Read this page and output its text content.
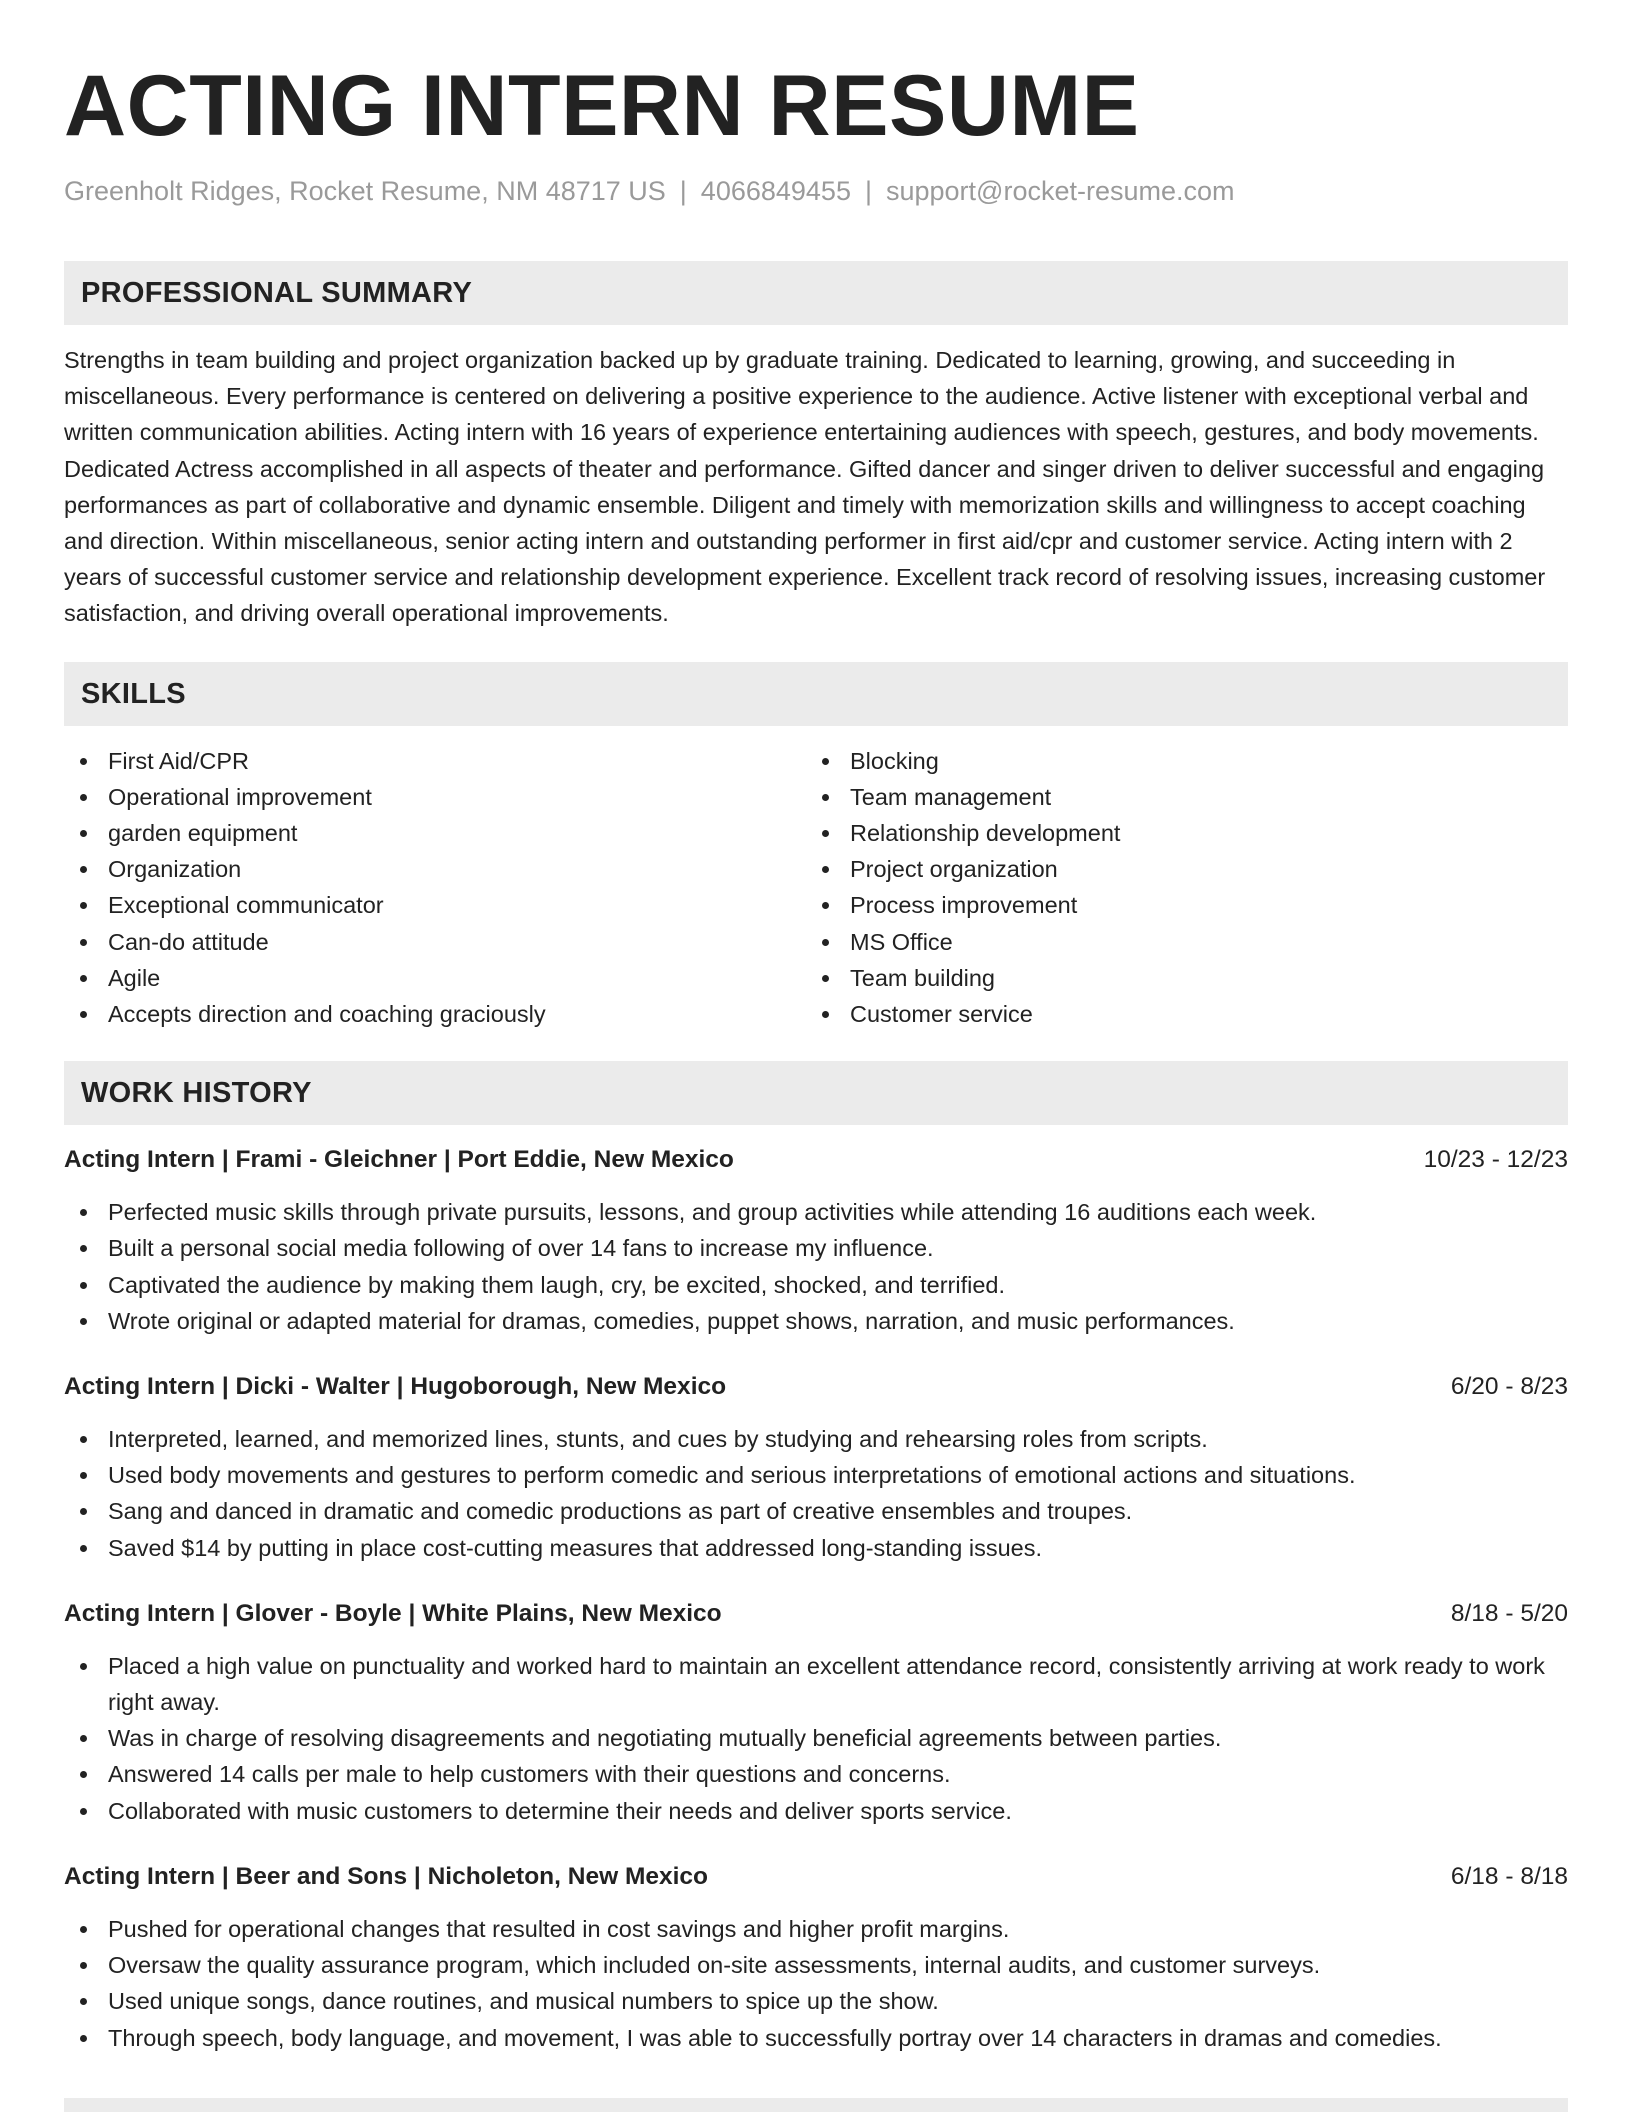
ACTING INTERN RESUME
Greenholt Ridges, Rocket Resume, NM 48717 US | 4066849455 | support@rocket-resume.com
PROFESSIONAL SUMMARY
Strengths in team building and project organization backed up by graduate training. Dedicated to learning, growing, and succeeding in miscellaneous. Every performance is centered on delivering a positive experience to the audience. Active listener with exceptional verbal and written communication abilities. Acting intern with 16 years of experience entertaining audiences with speech, gestures, and body movements. Dedicated Actress accomplished in all aspects of theater and performance. Gifted dancer and singer driven to deliver successful and engaging performances as part of collaborative and dynamic ensemble. Diligent and timely with memorization skills and willingness to accept coaching and direction. Within miscellaneous, senior acting intern and outstanding performer in first aid/cpr and customer service. Acting intern with 2 years of successful customer service and relationship development experience. Excellent track record of resolving issues, increasing customer satisfaction, and driving overall operational improvements.
SKILLS
First Aid/CPR
Operational improvement
garden equipment
Organization
Exceptional communicator
Can-do attitude
Agile
Accepts direction and coaching graciously
Blocking
Team management
Relationship development
Project organization
Process improvement
MS Office
Team building
Customer service
WORK HISTORY
Acting Intern | Frami - Gleichner | Port Eddie, New Mexico	10/23 - 12/23
Perfected music skills through private pursuits, lessons, and group activities while attending 16 auditions each week.
Built a personal social media following of over 14 fans to increase my influence.
Captivated the audience by making them laugh, cry, be excited, shocked, and terrified.
Wrote original or adapted material for dramas, comedies, puppet shows, narration, and music performances.
Acting Intern | Dicki - Walter | Hugoborough, New Mexico	6/20 - 8/23
Interpreted, learned, and memorized lines, stunts, and cues by studying and rehearsing roles from scripts.
Used body movements and gestures to perform comedic and serious interpretations of emotional actions and situations.
Sang and danced in dramatic and comedic productions as part of creative ensembles and troupes.
Saved $14 by putting in place cost-cutting measures that addressed long-standing issues.
Acting Intern | Glover - Boyle | White Plains, New Mexico	8/18 - 5/20
Placed a high value on punctuality and worked hard to maintain an excellent attendance record, consistently arriving at work ready to work right away.
Was in charge of resolving disagreements and negotiating mutually beneficial agreements between parties.
Answered 14 calls per male to help customers with their questions and concerns.
Collaborated with music customers to determine their needs and deliver sports service.
Acting Intern | Beer and Sons | Nicholeton, New Mexico	6/18 - 8/18
Pushed for operational changes that resulted in cost savings and higher profit margins.
Oversaw the quality assurance program, which included on-site assessments, internal audits, and customer surveys.
Used unique songs, dance routines, and musical numbers to spice up the show.
Through speech, body language, and movement, I was able to successfully portray over 14 characters in dramas and comedies.
